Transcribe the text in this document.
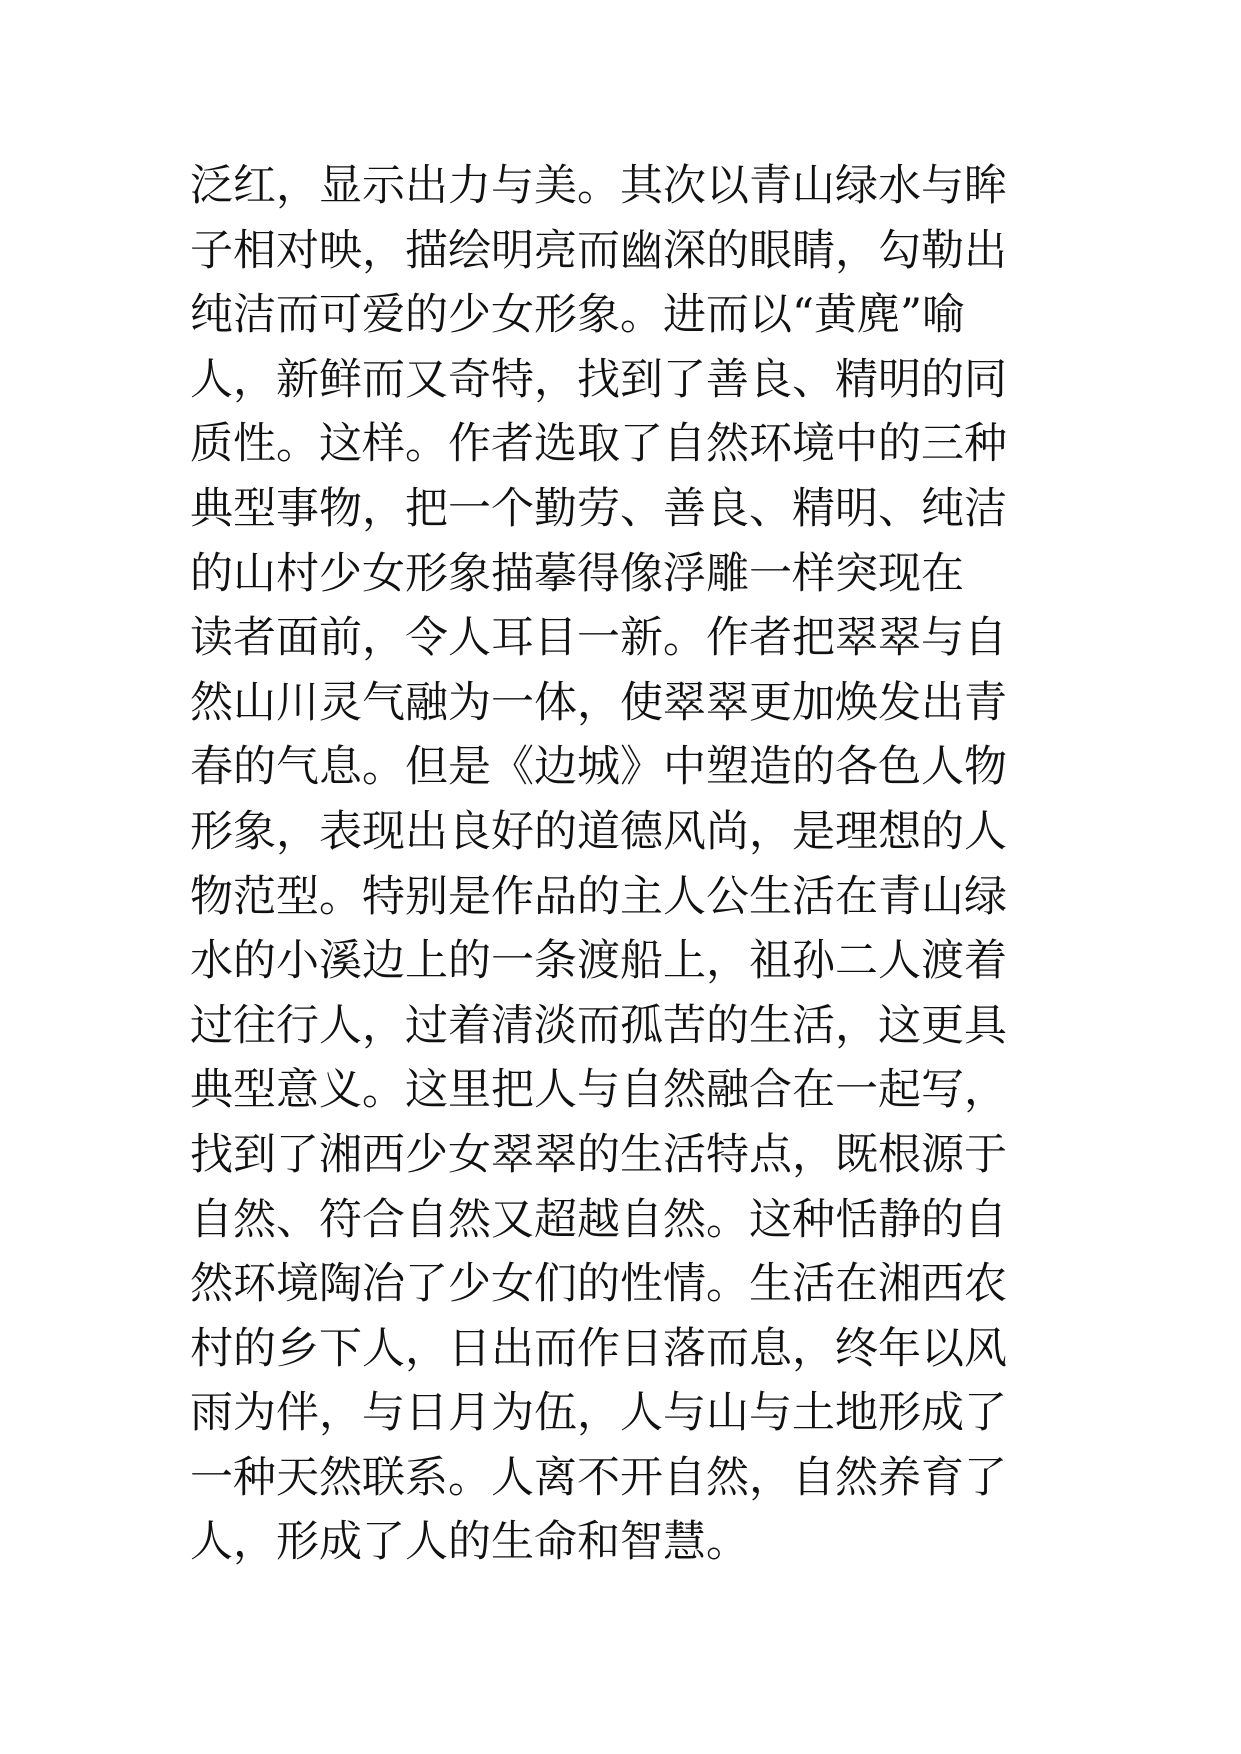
泛红，显示出力与美。其次以青山绿水与眸
子相对映，描绘明亮而幽深的眼睛，勾勒出
纯洁而可爱的少女形象。进而以“黄麂”喻
人，新鲜而又奇特，找到了善良、精明的同
质性。这样。作者选取了自然环境中的三种
典型事物，把一个勤劳、善良、精明、纯洁
的山村少女形象描摹得像浮雕一样突现在
读者面前，令人耳目一新。作者把翠翠与自
然山川灵气融为一体，使翠翠更加焕发出青
春的气息。但是《边城》中塑造的各色人物
形象，表现出良好的道德风尚，是理想的人
物范型。特别是作品的主人公生活在青山绿
水的小溪边上的一条渡船上，祖孙二人渡着
过往行人，过着清淡而孤苦的生活，这更具
典型意义。这里把人与自然融合在一起写，
找到了湘西少女翠翠的生活特点，既根源于
自然、符合自然又超越自然。这种恬静的自
然环境陶冶了少女们的性情。生活在湘西农
村的乡下人，日出而作日落而息，终年以风
雨为伴，与日月为伍，人与山与土地形成了
一种天然联系。人离不开自然，自然养育了
人，形成了人的生命和智慧。
